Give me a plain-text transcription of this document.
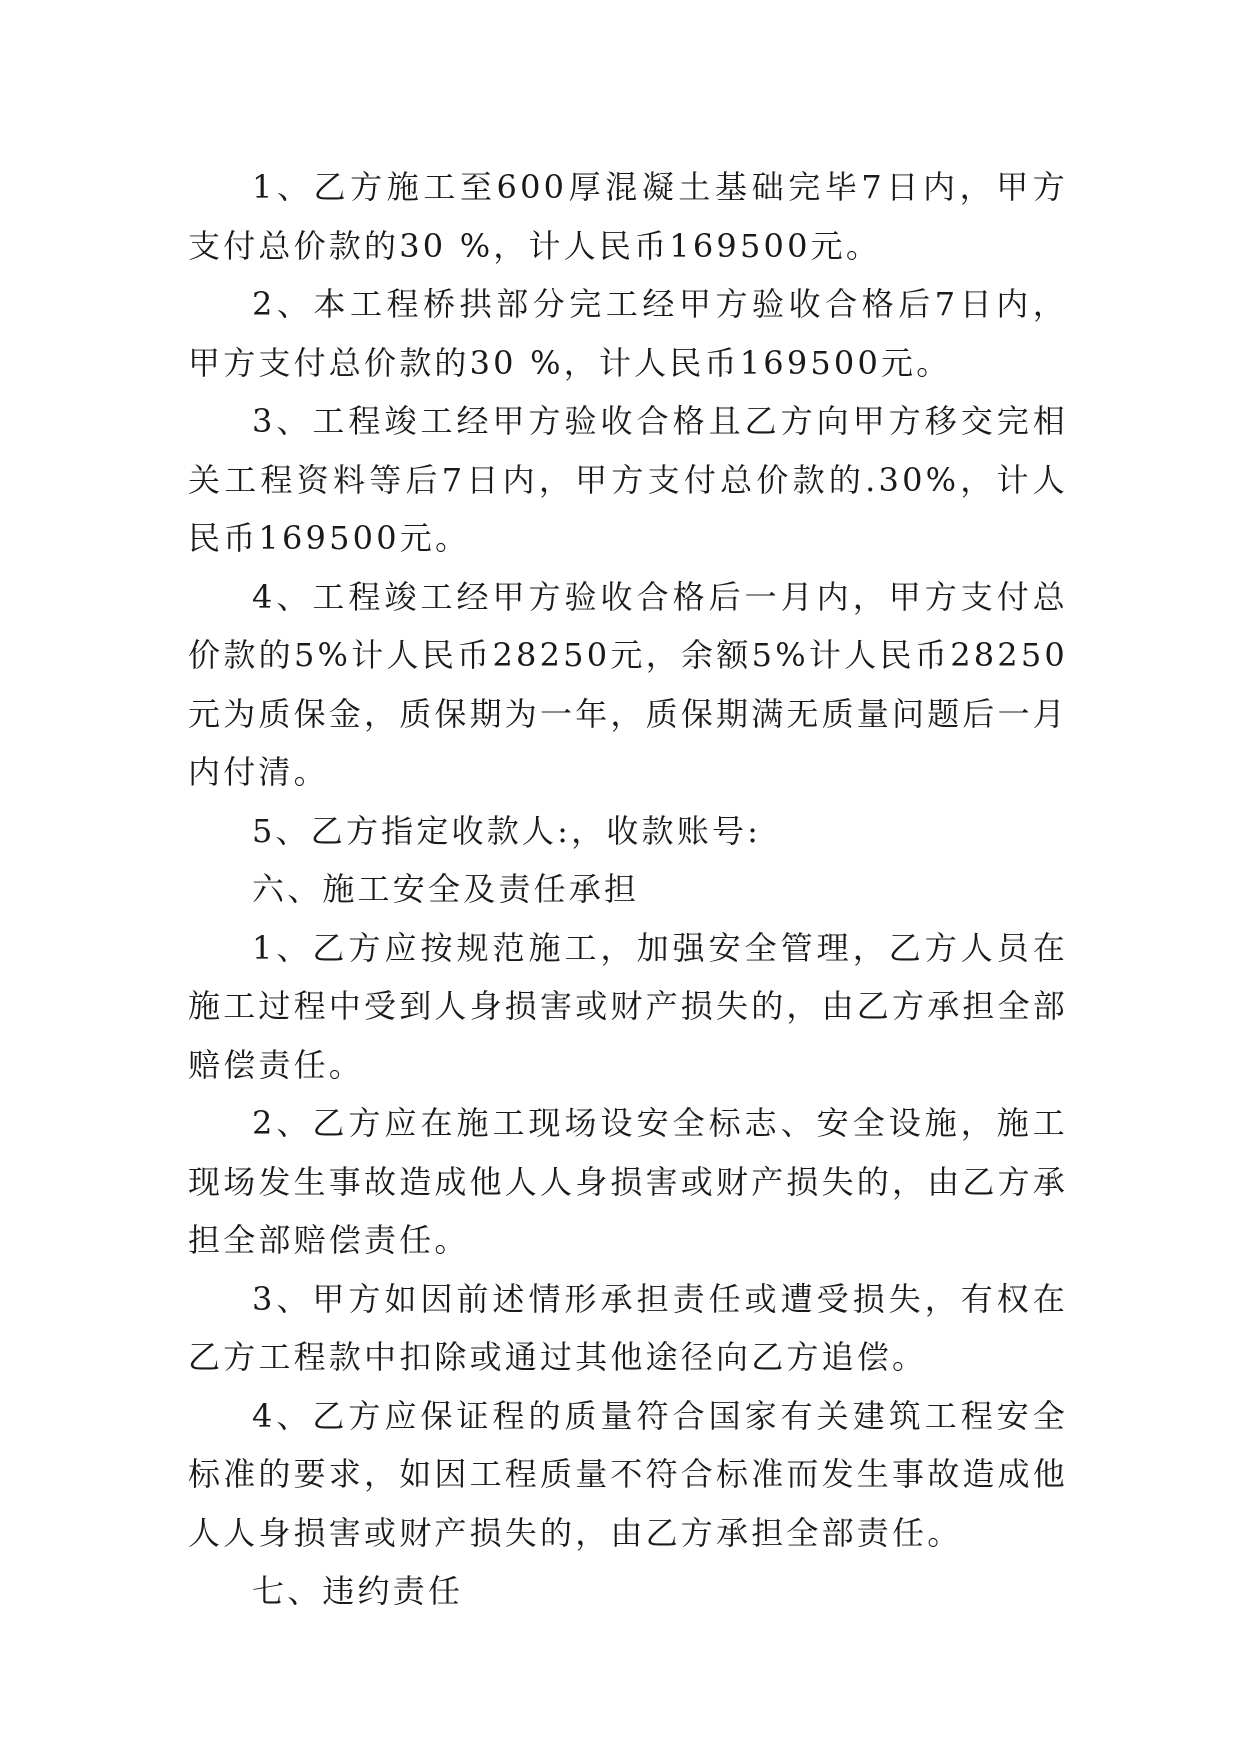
1、乙方施工至600厚混凝土基础完毕7日内，甲方支付总价款的30 %，计人民币169500元。

2、本工程桥拱部分完工经甲方验收合格后7日内，甲方支付总价款的30 %，计人民币169500元。

3、工程竣工经甲方验收合格且乙方向甲方移交完相关工程资料等后7日内，甲方支付总价款的.30%，计人民币169500元。

4、工程竣工经甲方验收合格后一月内，甲方支付总价款的5%计人民币28250元，余额5%计人民币28250元为质保金，质保期为一年，质保期满无质量问题后一月内付清。

5、乙方指定收款人:，收款账号:

六、施工安全及责任承担

1、乙方应按规范施工，加强安全管理，乙方人员在施工过程中受到人身损害或财产损失的，由乙方承担全部赔偿责任。

2、乙方应在施工现场设安全标志、安全设施，施工现场发生事故造成他人人身损害或财产损失的，由乙方承担全部赔偿责任。

3、甲方如因前述情形承担责任或遭受损失，有权在乙方工程款中扣除或通过其他途径向乙方追偿。

4、乙方应保证程的质量符合国家有关建筑工程安全标准的要求，如因工程质量不符合标准而发生事故造成他人人身损害或财产损失的，由乙方承担全部责任。

七、违约责任
